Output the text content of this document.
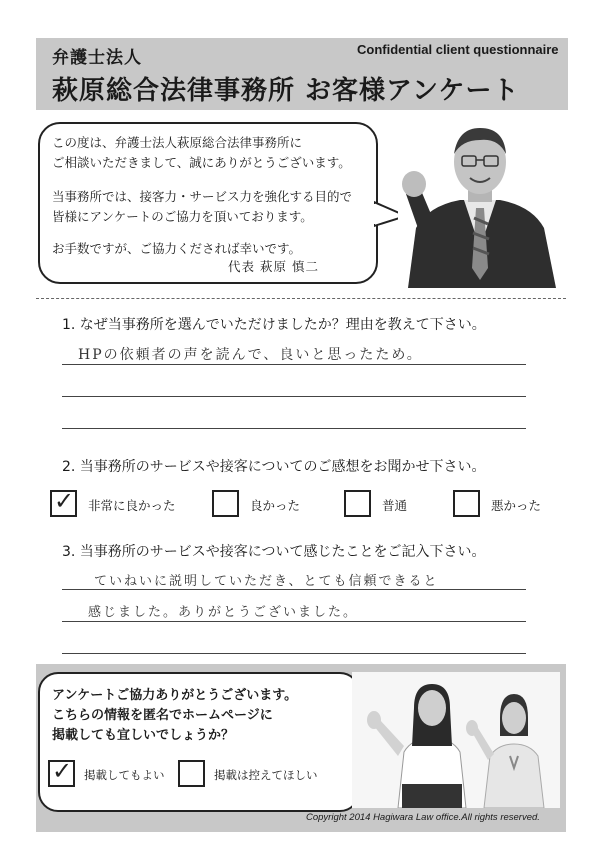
弁護士法人	Confidential client questionnaire
萩原総合法律事務所 お客様アンケート
この度は、弁護士法人萩原総合法律事務所に
ご相談いただきまして、誠にありがとうございます。
当事務所では、接客力・サービス力を強化する目的で
皆様にアンケートのご協力を頂いております。
お手数ですが、ご協力くだされば幸いです。
代表 萩原 慎二
1. なぜ当事務所を選んでいただけましたか？理由を教えて下さい。
HPの依頼者の声を読んで、良いと思ったため。
2. 当事務所のサービスや接客についてのご感想をお聞かせ下さい。
✓ 非常に良かった	良かった	普通	悪かった
3. 当事務所のサービスや接客について感じたことをご記入下さい。
ていねいに説明していただき、とても信頼できると
感じました。ありがとうございました。
アンケートご協力ありがとうございます。
こちらの情報を匿名でホームページに
掲載しても宜しいでしょうか？
✓ 掲載してもよい	掲載は控えてほしい
Copyright 2014 Hagiwara Law office.All rights reserved.
